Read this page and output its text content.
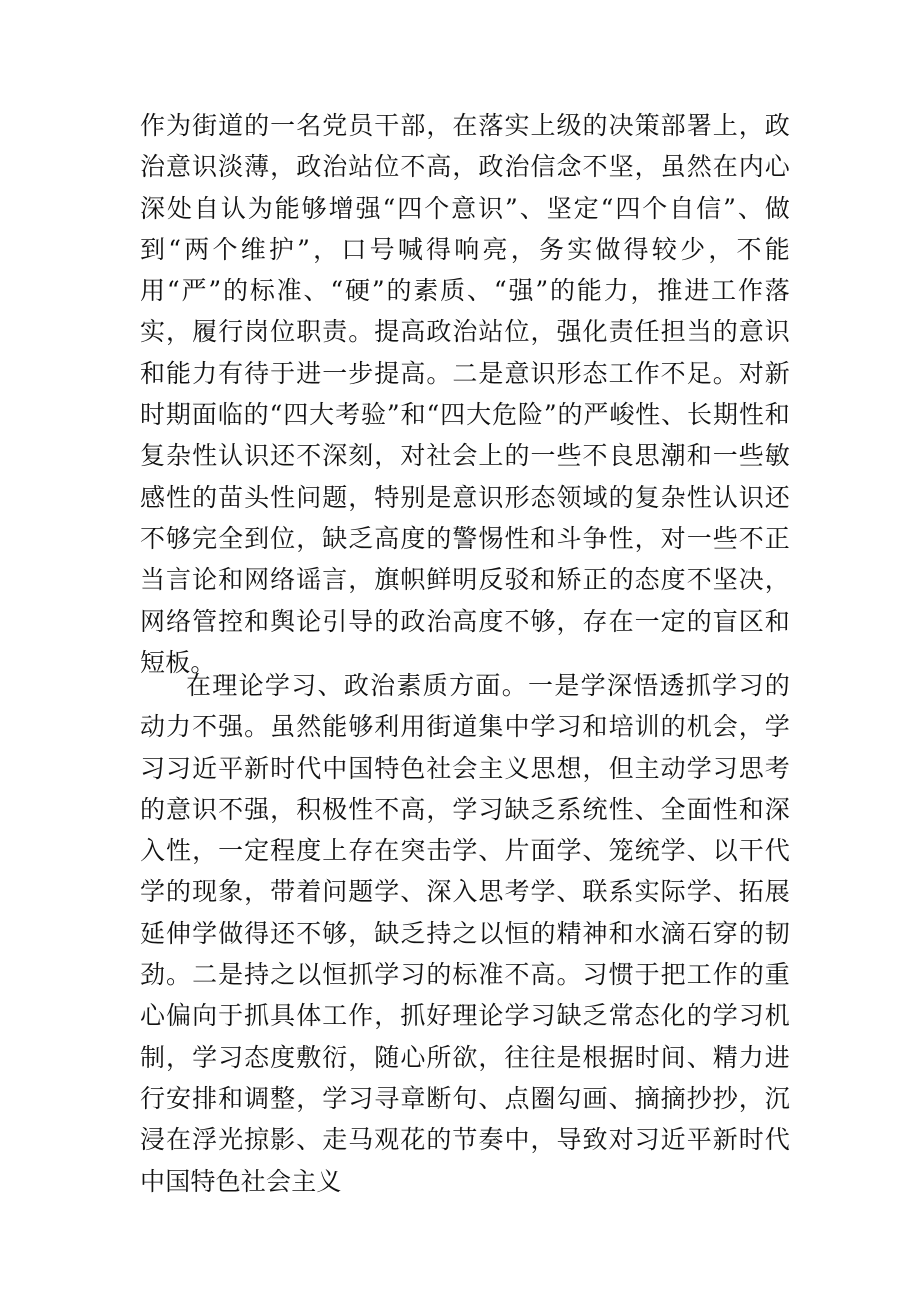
作为街道的一名党员干部，在落实上级的决策部署上，政治意识淡薄，政治站位不高，政治信念不坚，虽然在内心深处自认为能够增强“四个意识”、坚定“四个自信”、做到“两个维护”，口号喊得响亮，务实做得较少，不能用“严”的标准、“硬”的素质、“强”的能力，推进工作落实，履行岗位职责。提高政治站位，强化责任担当的意识和能力有待于进一步提高。二是意识形态工作不足。对新时期面临的“四大考验”和“四大危险”的严峻性、长期性和复杂性认识还不深刻，对社会上的一些不良思潮和一些敏感性的苗头性问题，特别是意识形态领域的复杂性认识还不够完全到位，缺乏高度的警惕性和斗争性，对一些不正当言论和网络谣言，旗帜鲜明反驳和矫正的态度不坚决，网络管控和舆论引导的政治高度不够，存在一定的盲区和短板。

在理论学习、政治素质方面。一是学深悟透抓学习的动力不强。虽然能够利用街道集中学习和培训的机会，学习习近平新时代中国特色社会主义思想，但主动学习思考的意识不强，积极性不高，学习缺乏系统性、全面性和深入性，一定程度上存在突击学、片面学、笼统学、以干代学的现象，带着问题学、深入思考学、联系实际学、拓展延伸学做得还不够，缺乏持之以恒的精神和水滴石穿的韧劲。二是持之以恒抓学习的标准不高。习惯于把工作的重心偏向于抓具体工作，抓好理论学习缺乏常态化的学习机制，学习态度敷衍，随心所欲，往往是根据时间、精力进行安排和调整，学习寻章断句、点圈勾画、摘摘抄抄，沉浸在浮光掠影、走马观花的节奏中，导致对习近平新时代中国特色社会主义
